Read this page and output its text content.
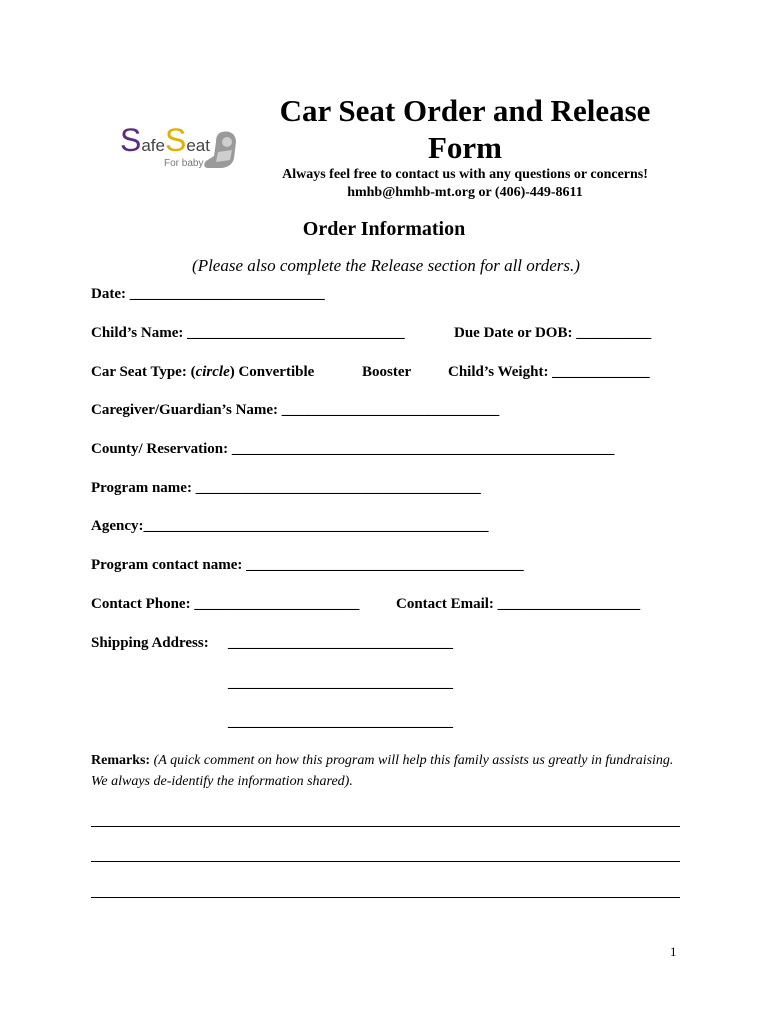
SafeSeat
For baby
Car Seat Order and Release Form
Always feel free to contact us with any questions or concerns!
hmhb@hmhb-mt.org or (406)-449-8611
Order Information
(Please also complete the Release section for all orders.)
Date: __________________________
Child’s Name: _____________________________	Due Date or DOB: __________
Car Seat Type: (circle) Convertible	Booster Child’s Weight: _____________
Caregiver/Guardian’s Name: _____________________________
County/ Reservation: ___________________________________________________
Program name: ______________________________________
Agency:______________________________________________
Program contact name: _____________________________________
Contact Phone: ______________________ Contact Email: ___________________
Shipping Address: ______________________________
______________________________
______________________________
Remarks: (A quick comment on how this program will help this family assists us greatly in fundraising. We always de-identify the information shared).
1
